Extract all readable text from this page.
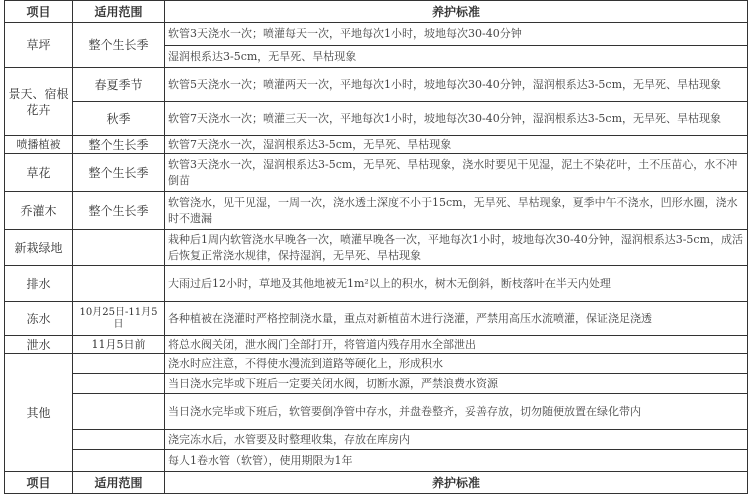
项目	适用范围	养护标准
草坪	整个生长季	软管3天浇水一次；喷灌每天一次，平地每次1小时，坡地每次30-40分钟
		湿润根系达3-5cm，无旱死、旱枯现象
景天、宿根花卉	春夏季节	软管5天浇水一次；喷灌两天一次，平地每次1小时，坡地每次30-40分钟，湿润根系达3-5cm，无旱死、旱枯现象
	秋季	软管7天浇水一次；喷灌三天一次，平地每次1小时，坡地每次30-40分钟，湿润根系达3-5cm，无旱死、旱枯现象
喷播植被	整个生长季	软管7天浇水一次，湿润根系达3-5cm，无旱死、旱枯现象
草花	整个生长季	软管3天浇水一次，湿润根系达3-5cm，无旱死、旱枯现象，浇水时要见干见湿，泥土不染花叶，土不压苗心，水不冲倒苗
乔灌木	整个生长季	软管浇水，见干见湿，一周一次，浇水透土深度不小于15cm，无旱死、旱枯现象，夏季中午不浇水，凹形水圈，浇水时不遗漏
新栽绿地		栽种后1周内软管浇水早晚各一次，喷灌早晚各一次，平地每次1小时，坡地每次30-40分钟，湿润根系达3-5cm，成活后恢复正常浇水规律，保持湿润，无旱死、旱枯现象
排水		大雨过后12小时，草地及其他地被无1m²以上的积水，树木无倒斜，断枝落叶在半天内处理
冻水	10月25日-11月5日	各种植被在浇灌时严格控制浇水量，重点对新植苗木进行浇灌，严禁用高压水流喷灌，保证浇足浇透
泄水	11月5日前	将总水阀关闭，泄水阀门全部打开，将管道内残存用水全部泄出
其他		浇水时应注意，不得使水漫流到道路等硬化上，形成积水
		当日浇水完毕或下班后一定要关闭水阀，切断水源，严禁浪费水资源
		当日浇水完毕或下班后，软管要倒净管中存水，并盘卷整齐，妥善存放，切勿随便放置在绿化带内
		浇完冻水后，水管要及时整理收集，存放在库房内
		每人1卷水管（软管），使用期限为1年
项目	适用范围	养护标准
